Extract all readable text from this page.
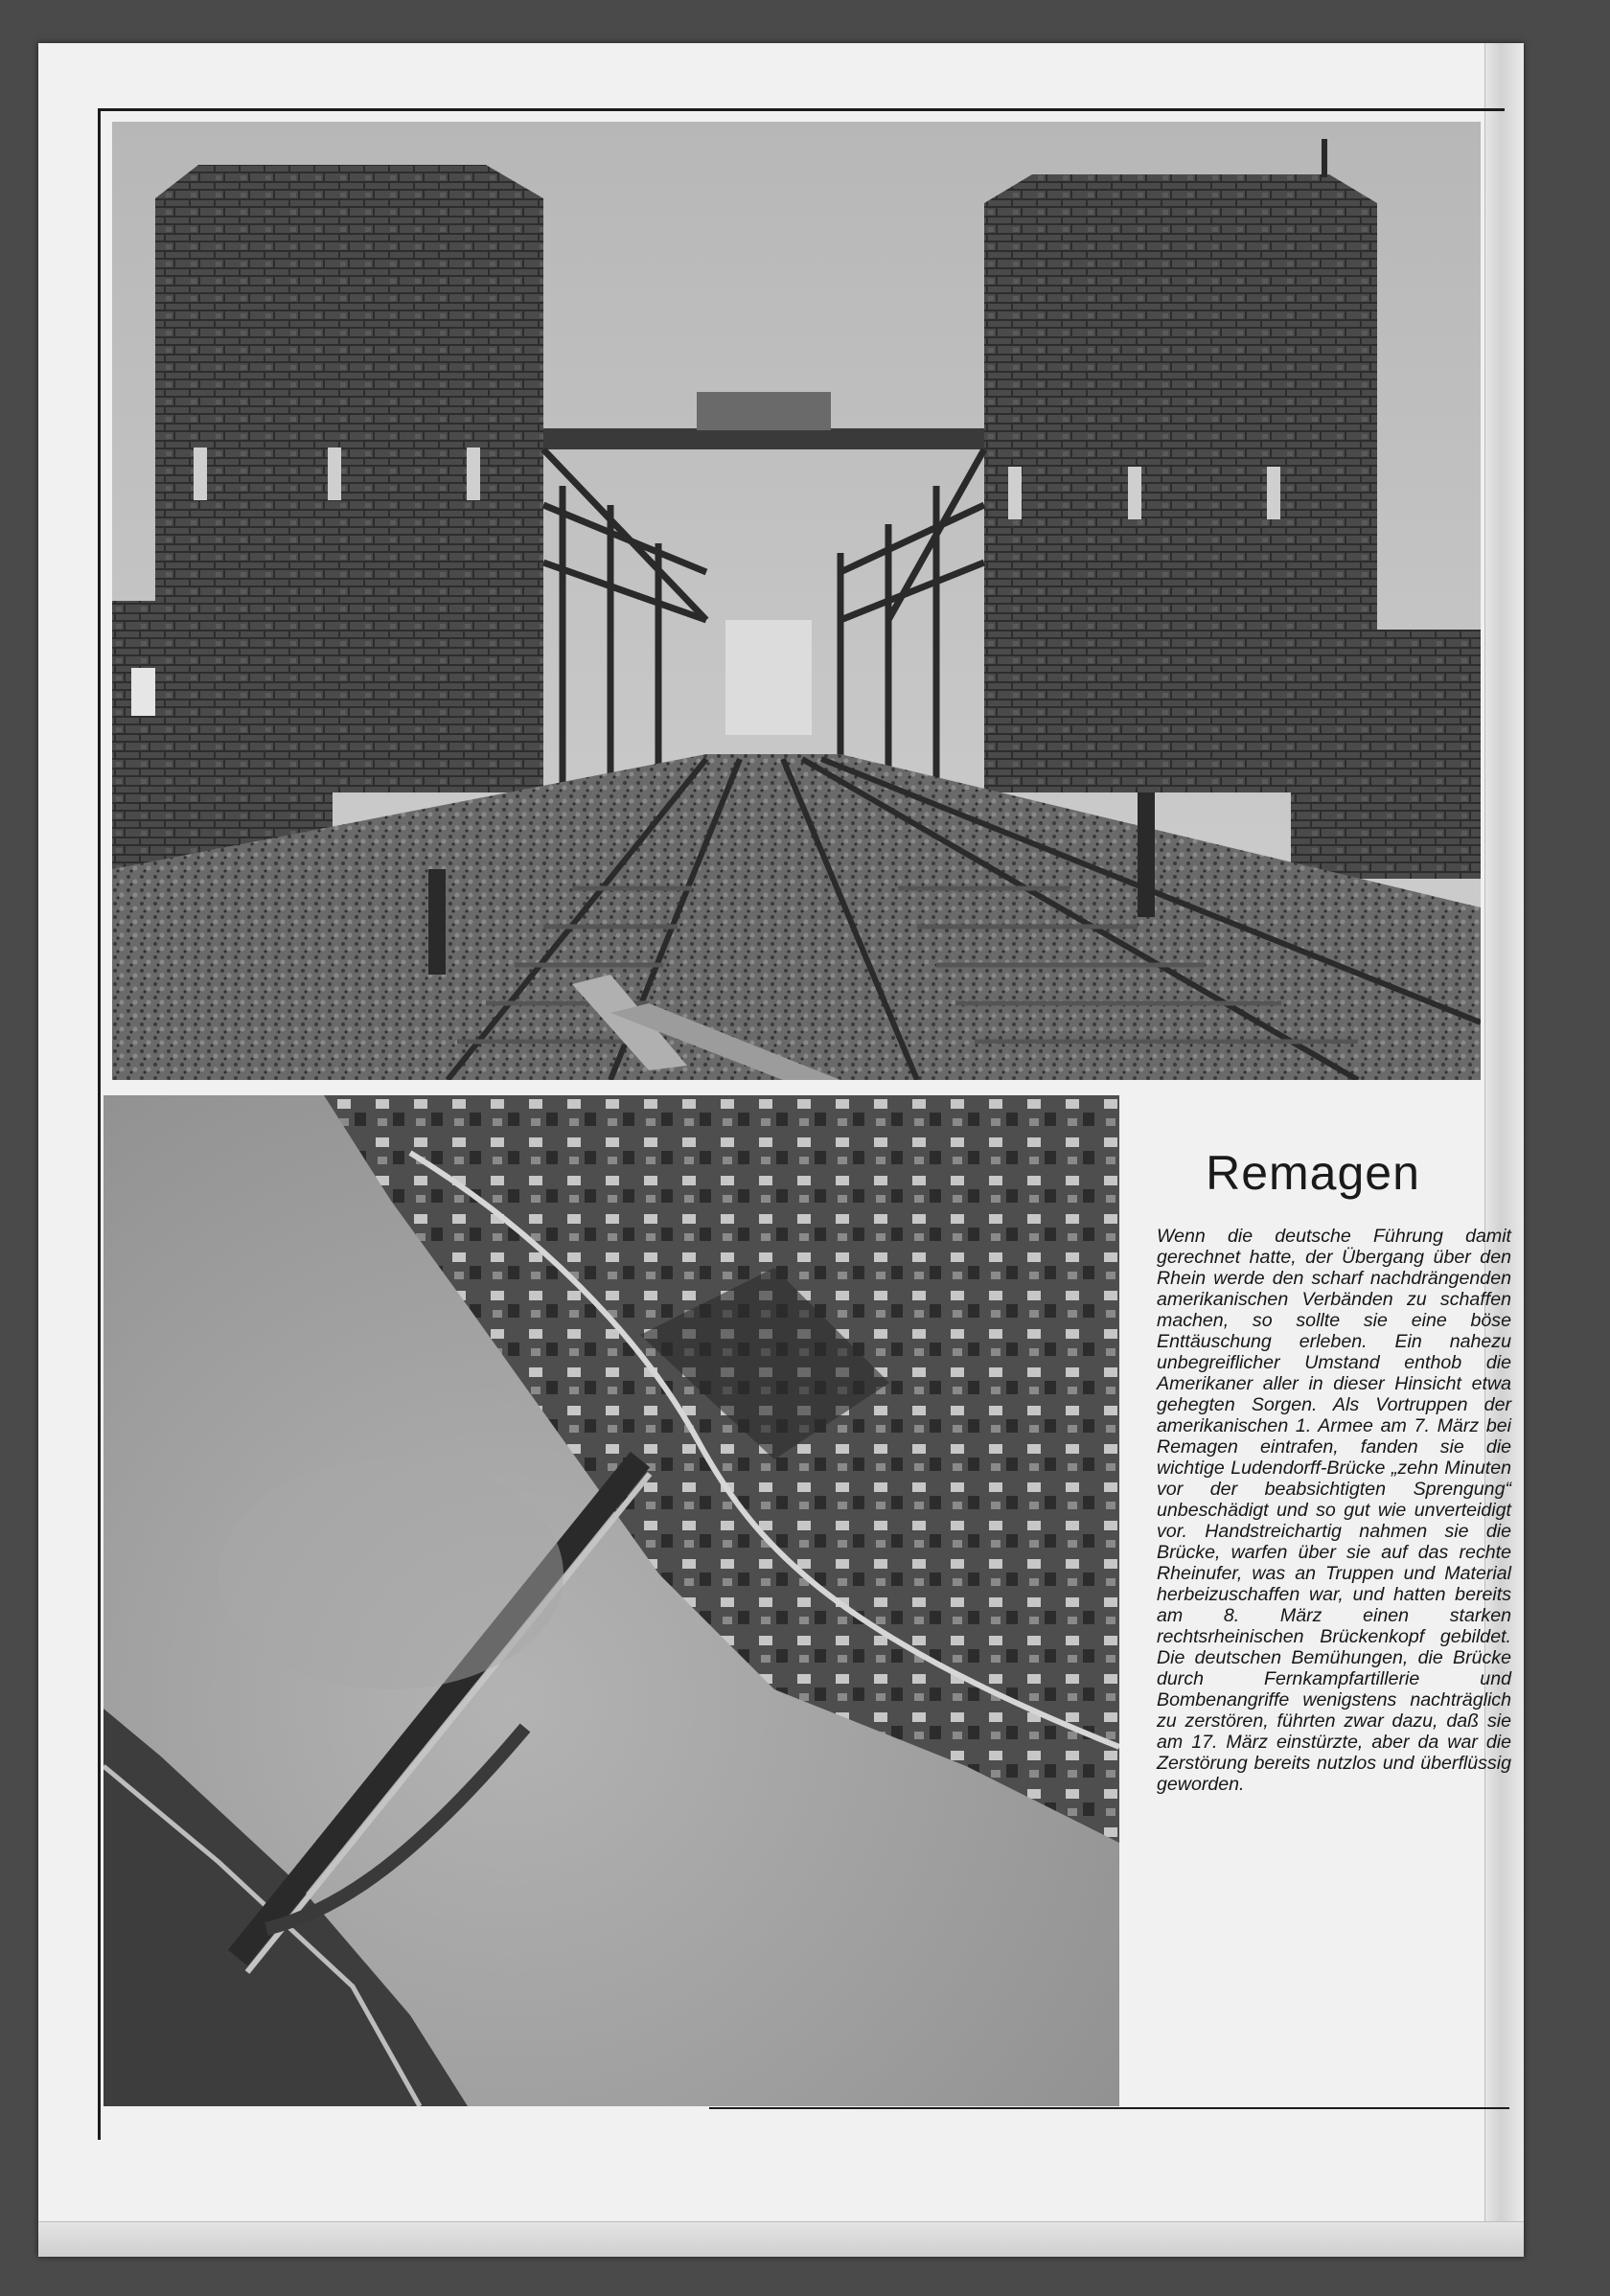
Remagen
Wenn die deutsche Führung damit gerechnet hatte, der Übergang über den Rhein werde den scharf nachdrängenden amerikanischen Verbänden zu schaffen machen, so sollte sie eine böse Enttäuschung erleben. Ein nahezu unbegreiflicher Umstand enthob die Amerikaner aller in dieser Hinsicht etwa gehegten Sorgen. Als Vortruppen der amerikanischen 1. Armee am 7. März bei Remagen eintrafen, fanden sie die wichtige Ludendorff-Brücke „zehn Minuten vor der beabsichtigten Sprengung“ unbeschädigt und so gut wie unverteidigt vor. Handstreichartig nahmen sie die Brücke, warfen über sie auf das rechte Rheinufer, was an Truppen und Material herbeizuschaffen war, und hatten bereits am 8. März einen starken rechtsrheinischen Brückenkopf gebildet. Die deutschen Bemühungen, die Brücke durch Fernkampfartillerie und Bombenangriffe wenigstens nachträglich zu zerstören, führten zwar dazu, daß sie am 17. März einstürzte, aber da war die Zerstörung bereits nutzlos und überflüssig geworden.
